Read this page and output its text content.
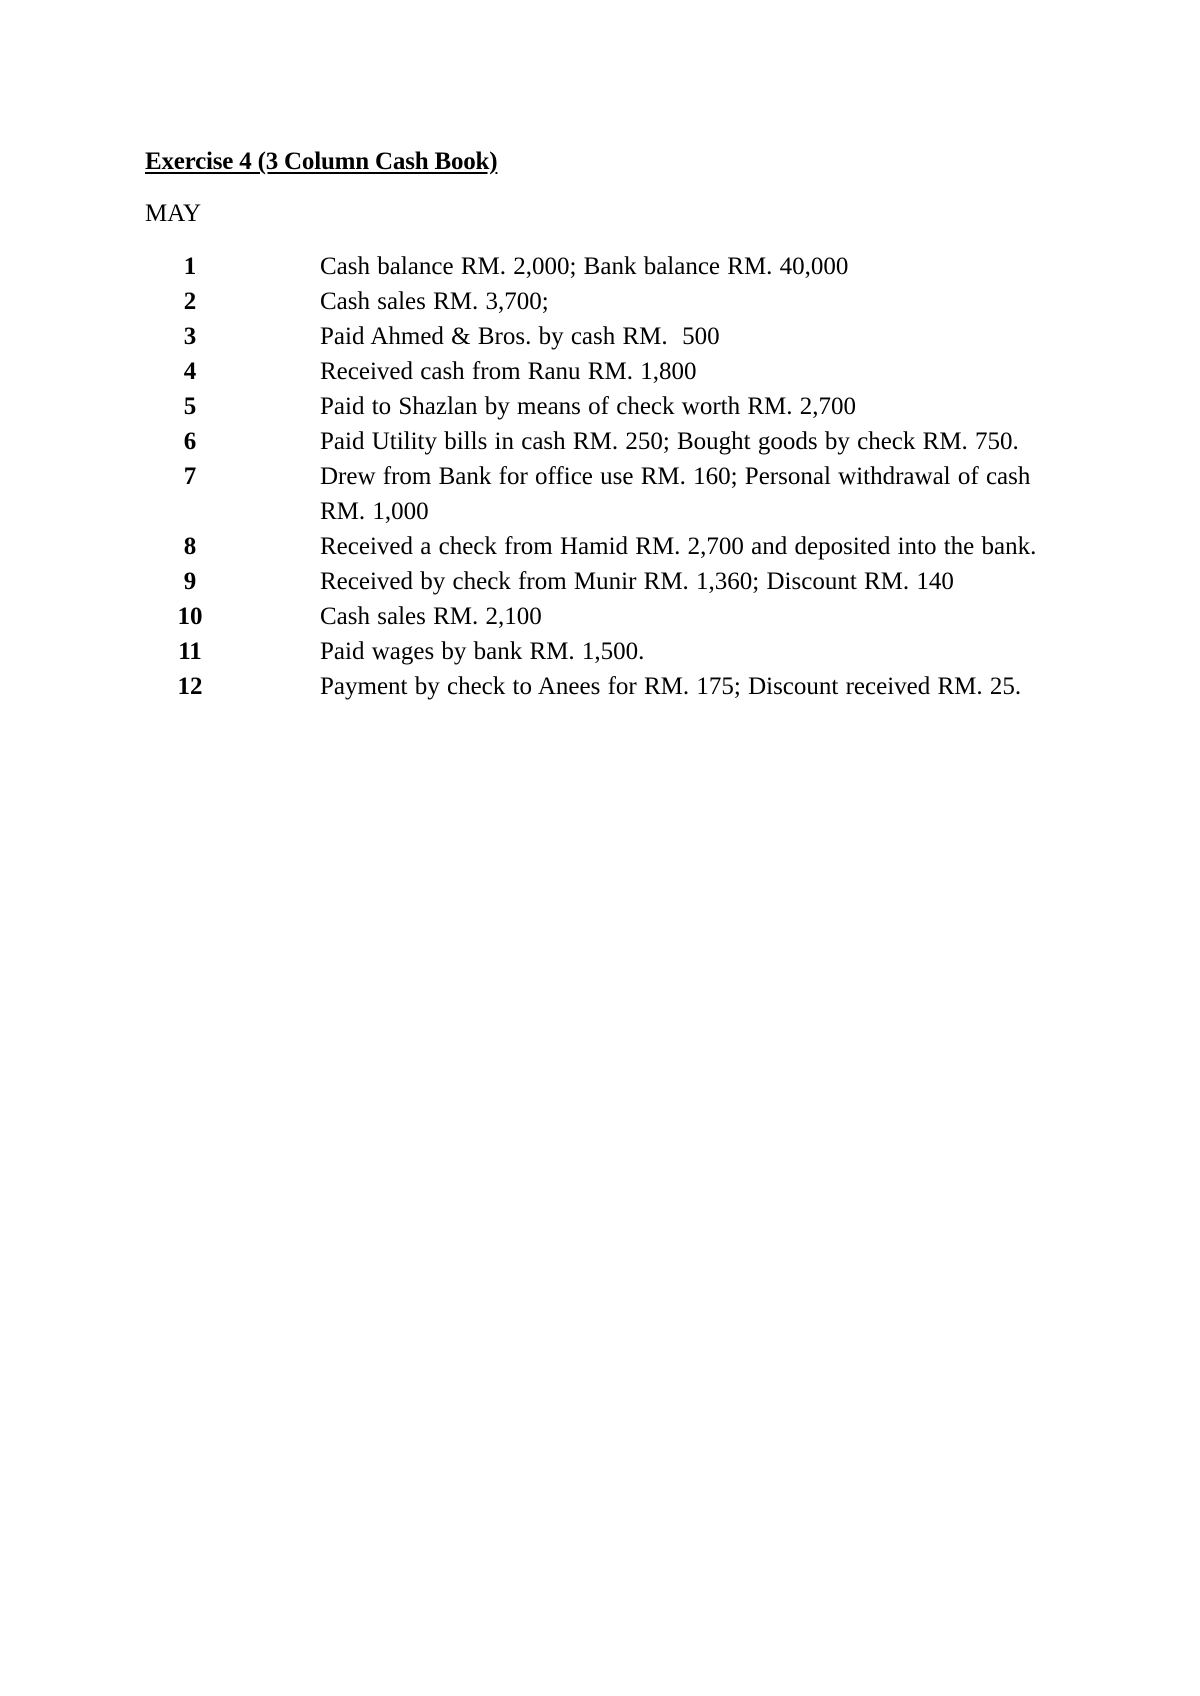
Exercise 4 (3 Column Cash Book)
MAY
1	Cash balance RM. 2,000; Bank balance RM. 40,000
2	Cash sales RM. 3,700;
3	Paid Ahmed & Bros. by cash RM.  500
4	Received cash from Ranu RM. 1,800
5	Paid to Shazlan by means of check worth RM. 2,700
6	Paid Utility bills in cash RM. 250; Bought goods by check RM. 750.
7	Drew from Bank for office use RM. 160; Personal withdrawal of cash RM. 1,000
8	Received a check from Hamid RM. 2,700 and deposited into the bank.
9	Received by check from Munir RM. 1,360; Discount RM. 140
10	Cash sales RM. 2,100
11	Paid wages by bank RM. 1,500.
12	Payment by check to Anees for RM. 175; Discount received RM. 25.
